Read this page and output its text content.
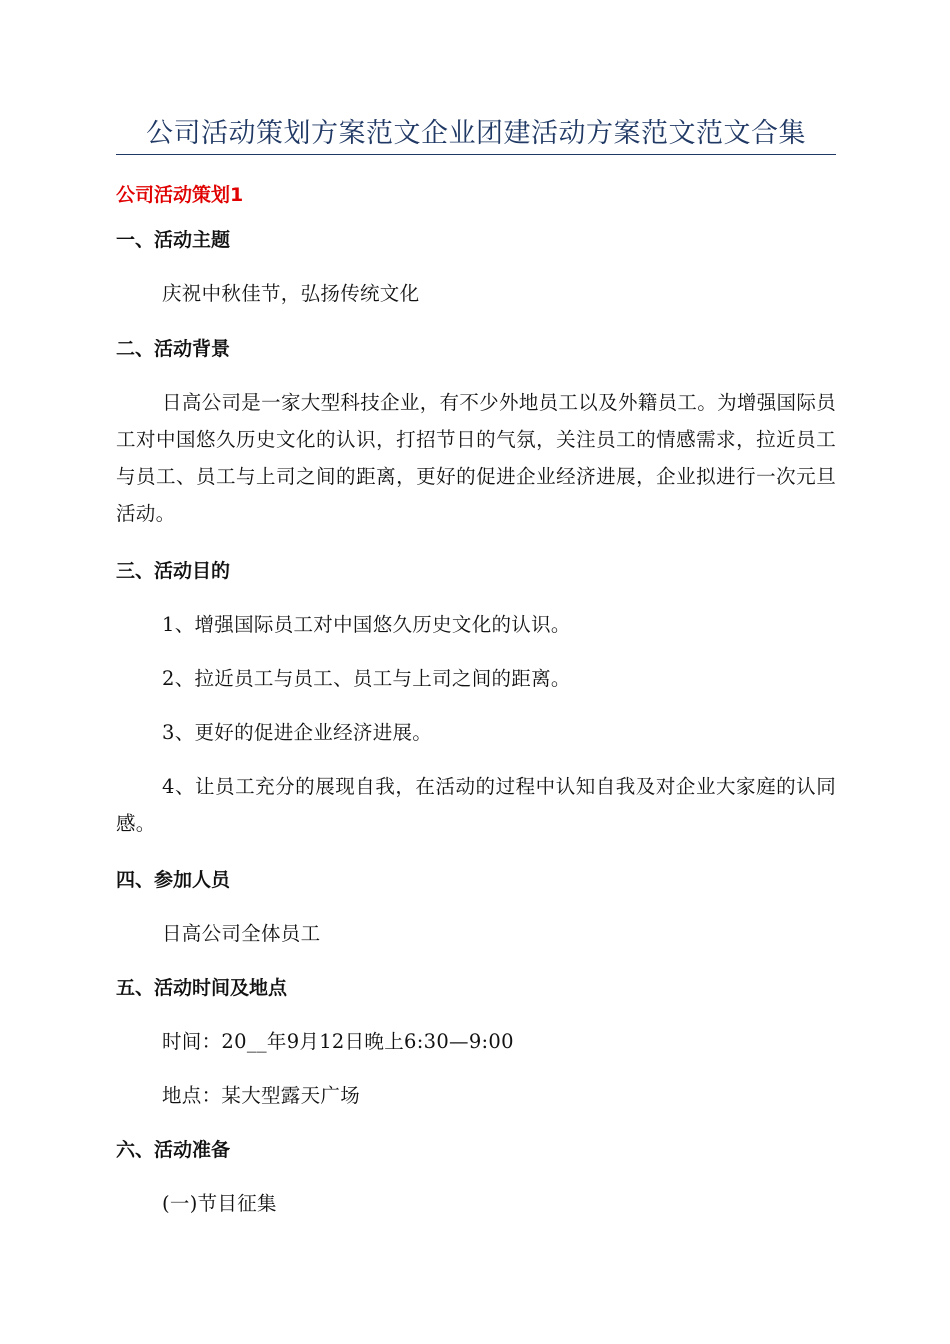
公司活动策划方案范文企业团建活动方案范文范文合集
公司活动策划1
一、活动主题
庆祝中秋佳节，弘扬传统文化
二、活动背景
日高公司是一家大型科技企业，有不少外地员工以及外籍员工。为增强国际员工对中国悠久历史文化的认识，打招节日的气氛，关注员工的情感需求，拉近员工与员工、员工与上司之间的距离，更好的促进企业经济进展，企业拟进行一次元旦活动。
三、活动目的
1、增强国际员工对中国悠久历史文化的认识。
2、拉近员工与员工、员工与上司之间的距离。
3、更好的促进企业经济进展。
4、让员工充分的展现自我，在活动的过程中认知自我及对企业大家庭的认同感。
四、参加人员
日高公司全体员工
五、活动时间及地点
时间：20__年9月12日晚上6:30—9:00
地点：某大型露天广场
六、活动准备
(一)节目征集
